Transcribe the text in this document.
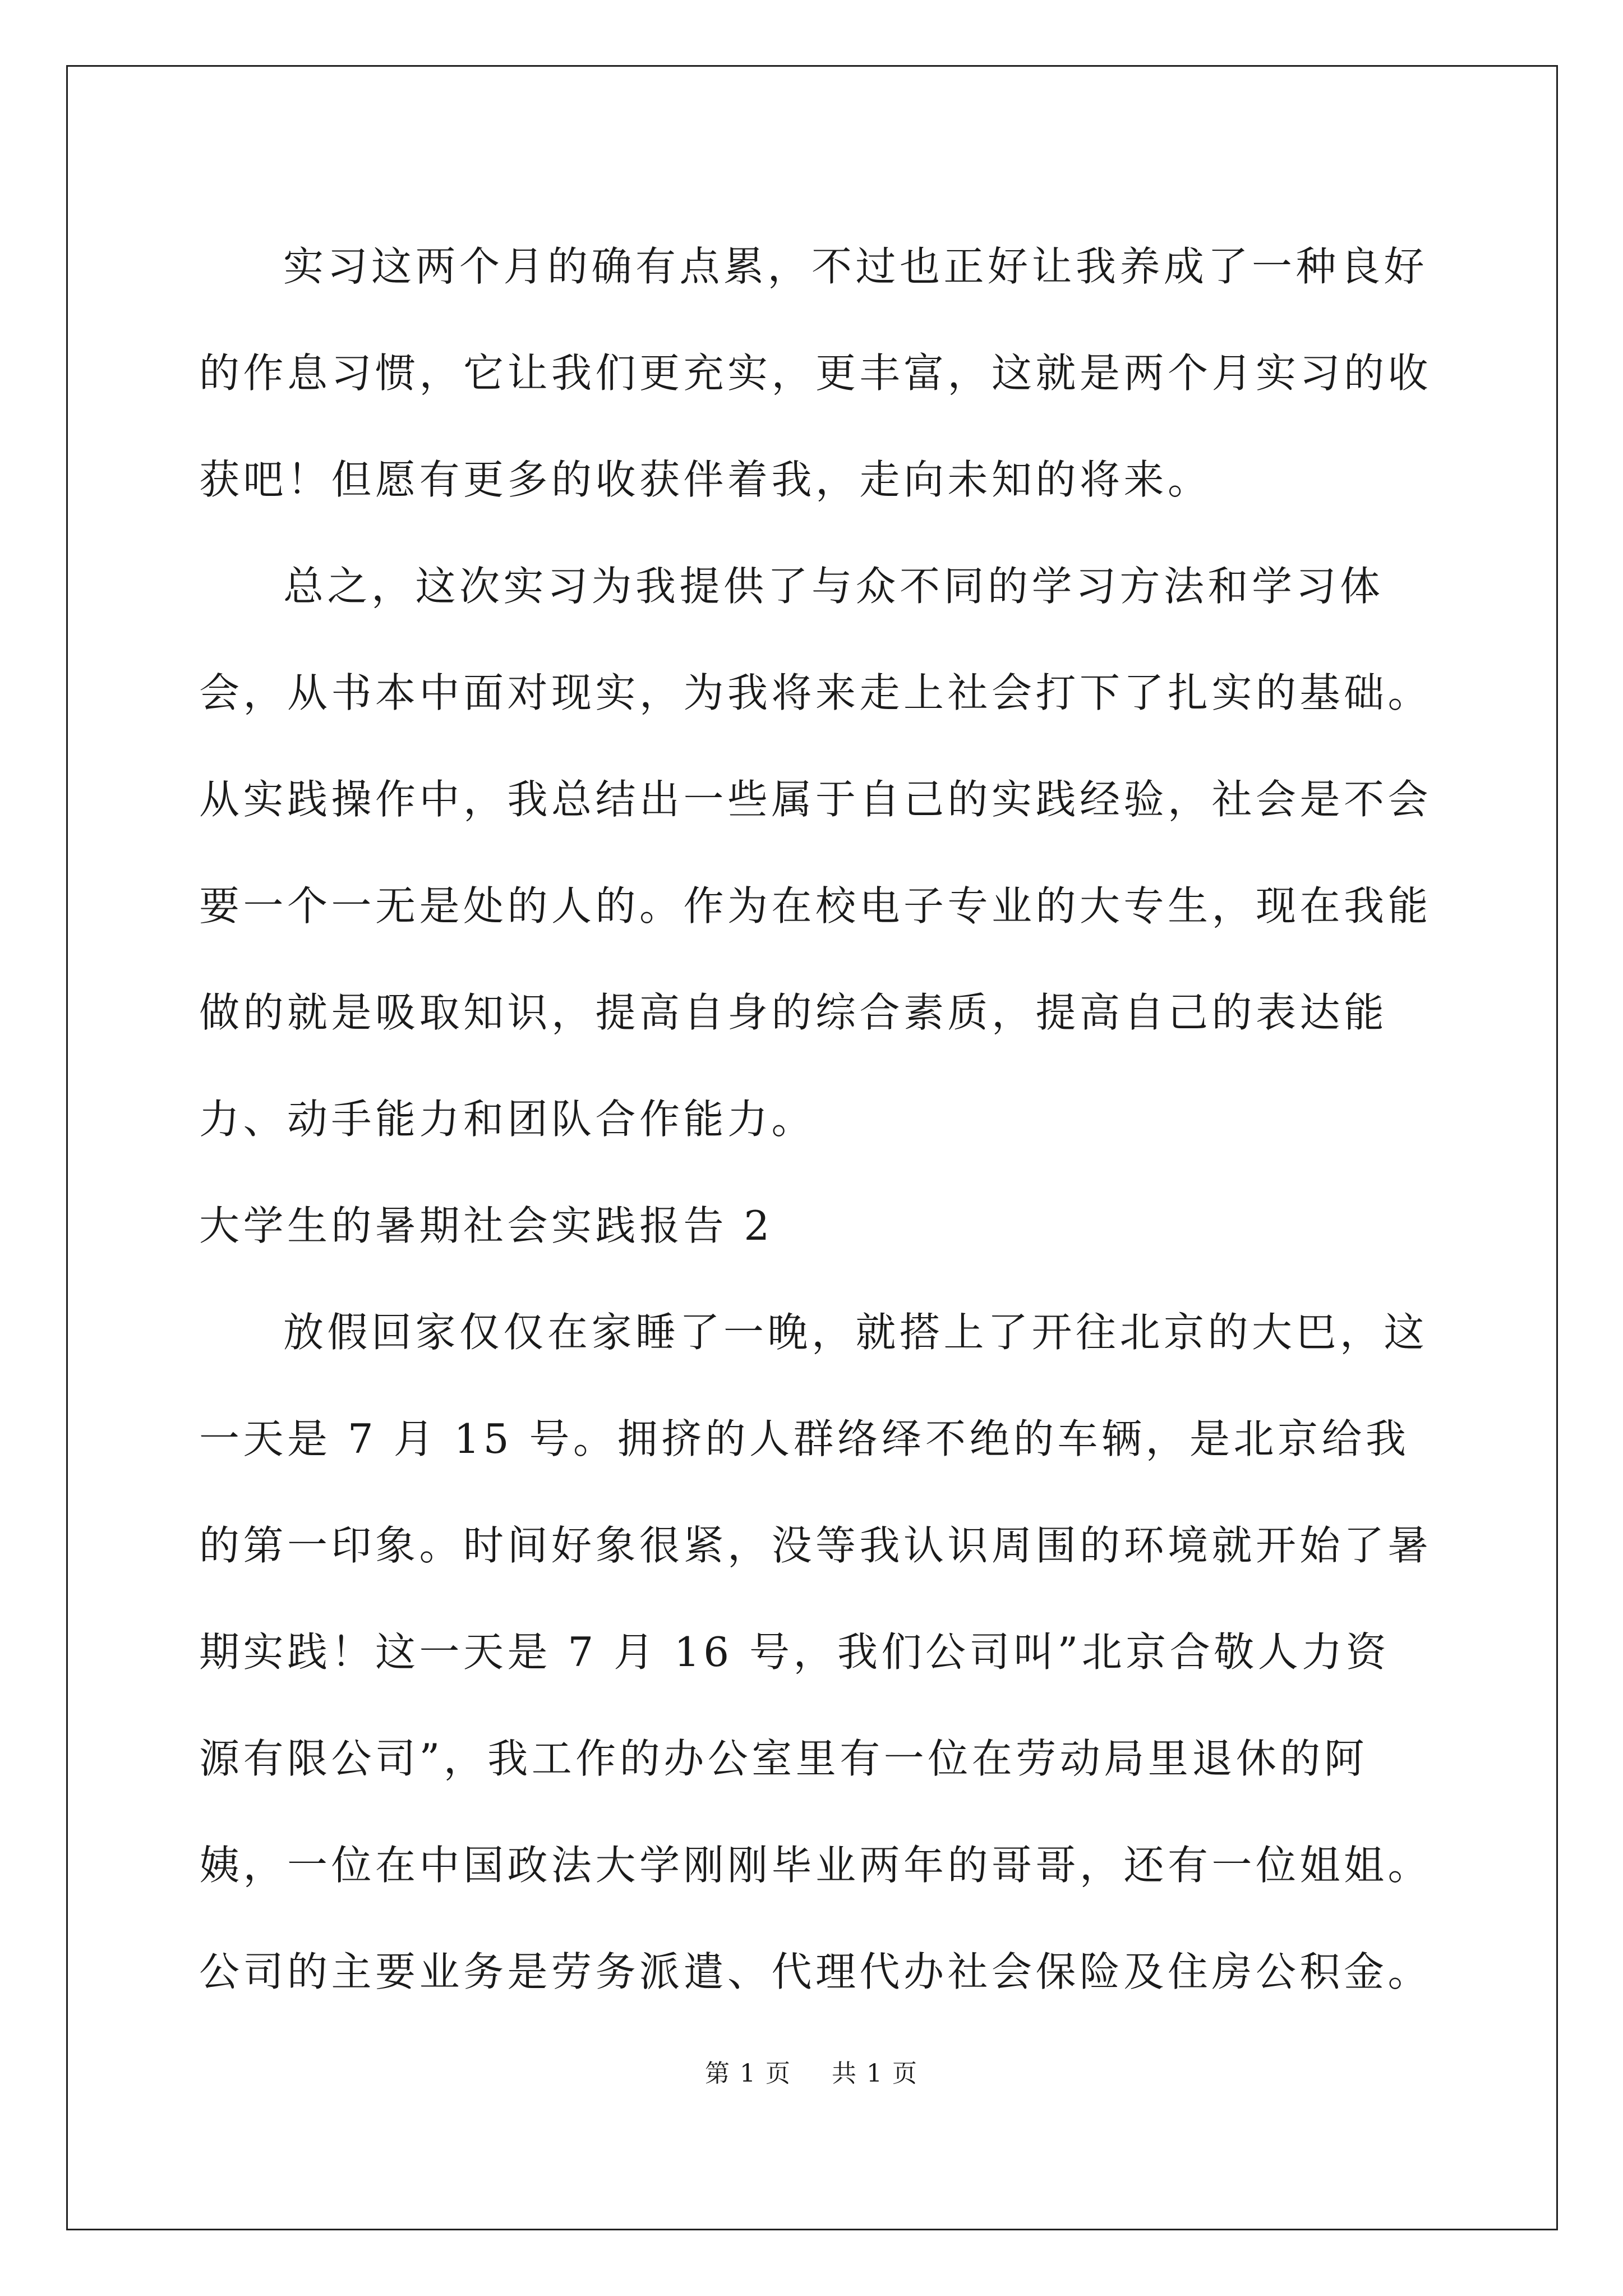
实习这两个月的确有点累，不过也正好让我养成了一种良好的作息习惯，它让我们更充实，更丰富，这就是两个月实习的收获吧！但愿有更多的收获伴着我，走向未知的将来。

总之，这次实习为我提供了与众不同的学习方法和学习体会，从书本中面对现实，为我将来走上社会打下了扎实的基础。从实践操作中，我总结出一些属于自己的实践经验，社会是不会要一个一无是处的人的。作为在校电子专业的大专生，现在我能做的就是吸取知识，提高自身的综合素质，提高自己的表达能力、动手能力和团队合作能力。

大学生的暑期社会实践报告 2

放假回家仅仅在家睡了一晚，就搭上了开往北京的大巴，这一天是 7 月 15 号。拥挤的人群络绎不绝的车辆，是北京给我的第一印象。时间好象很紧，没等我认识周围的环境就开始了暑期实践！这一天是 7 月 16 号，我们公司叫”北京合敬人力资源有限公司”，我工作的办公室里有一位在劳动局里退休的阿姨，一位在中国政法大学刚刚毕业两年的哥哥，还有一位姐姐。公司的主要业务是劳务派遣、代理代办社会保险及住房公积金。

第 1 页 共 1 页
